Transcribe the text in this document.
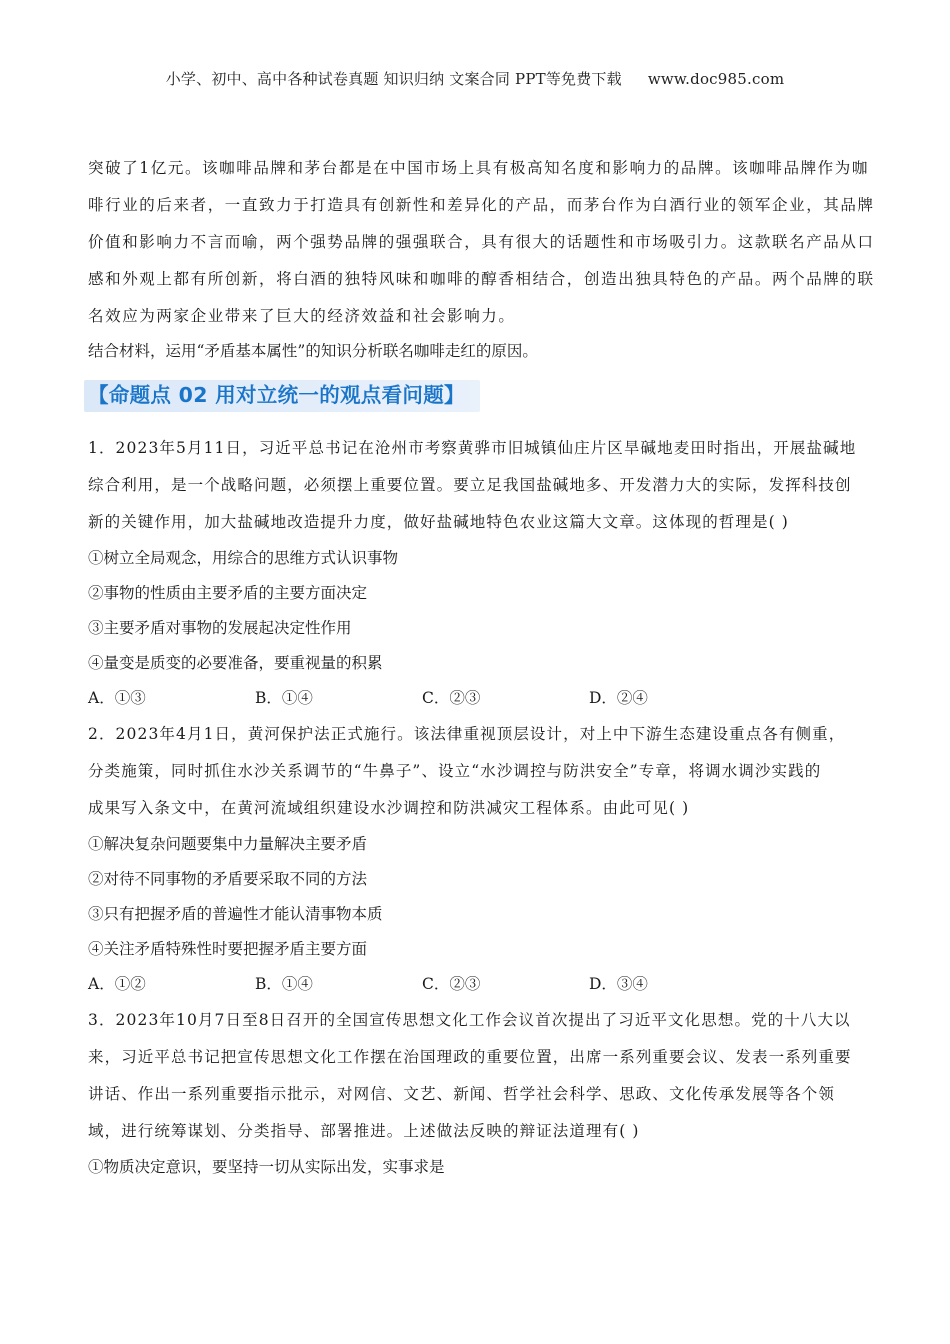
小学、初中、高中各种试卷真题 知识归纳 文案合同 PPT等免费下载 www.doc985.com

突破了1亿元。该咖啡品牌和茅台都是在中国市场上具有极高知名度和影响力的品牌。该咖啡品牌作为咖

啡行业的后来者，一直致力于打造具有创新性和差异化的产品，而茅台作为白酒行业的领军企业，其品牌

价值和影响力不言而喻，两个强势品牌的强强联合，具有很大的话题性和市场吸引力。这款联名产品从口

感和外观上都有所创新，将白酒的独特风味和咖啡的醇香相结合，创造出独具特色的产品。两个品牌的联

名效应为两家企业带来了巨大的经济效益和社会影响力。

结合材料，运用“矛盾基本属性”的知识分析联名咖啡走红的原因。

【命题点 02 用对立统一的观点看问题】

1．2023年5月11日，习近平总书记在沧州市考察黄骅市旧城镇仙庄片区旱碱地麦田时指出，开展盐碱地

综合利用，是一个战略问题，必须摆上重要位置。要立足我国盐碱地多、开发潜力大的实际，发挥科技创

新的关键作用，加大盐碱地改造提升力度，做好盐碱地特色农业这篇大文章。这体现的哲理是( )

①树立全局观念，用综合的思维方式认识事物

②事物的性质由主要矛盾的主要方面决定

③主要矛盾对事物的发展起决定性作用

④量变是质变的必要准备，要重视量的积累

A．①③	B．①④	C．②③	D．②④

2．2023年4月1日，黄河保护法正式施行。该法律重视顶层设计，对上中下游生态建设重点各有侧重，

分类施策，同时抓住水沙关系调节的“牛鼻子”、设立“水沙调控与防洪安全”专章，将调水调沙实践的

成果写入条文中，在黄河流域组织建设水沙调控和防洪减灾工程体系。由此可见( )

①解决复杂问题要集中力量解决主要矛盾

②对待不同事物的矛盾要采取不同的方法

③只有把握矛盾的普遍性才能认清事物本质

④关注矛盾特殊性时要把握矛盾主要方面

A．①②	B．①④	C．②③	D．③④

3．2023年10月7日至8日召开的全国宣传思想文化工作会议首次提出了习近平文化思想。党的十八大以

来，习近平总书记把宣传思想文化工作摆在治国理政的重要位置，出席一系列重要会议、发表一系列重要

讲话、作出一系列重要指示批示，对网信、文艺、新闻、哲学社会科学、思政、文化传承发展等各个领

域，进行统筹谋划、分类指导、部署推进。上述做法反映的辩证法道理有( )

①物质决定意识，要坚持一切从实际出发，实事求是
